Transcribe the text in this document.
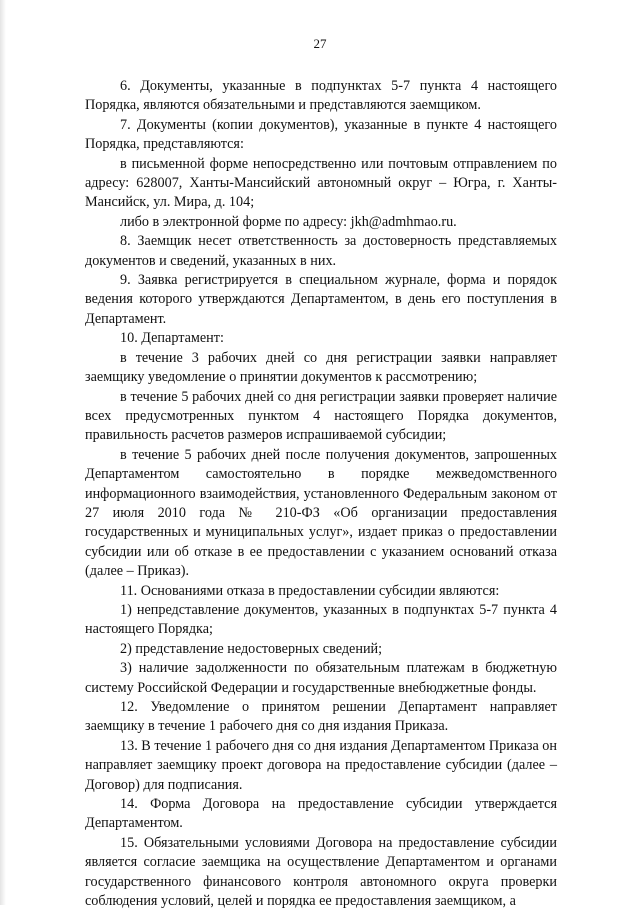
27

6. Документы, указанные в подпунктах 5-7 пункта 4 настоящего Порядка, являются обязательными и представляются заемщиком.

7. Документы (копии документов), указанные в пункте 4 настоящего Порядка, представляются:

в письменной форме непосредственно или почтовым отправлением по адресу: 628007, Ханты-Мансийский автономный округ – Югра, г. Ханты-Мансийск, ул. Мира, д. 104;

либо в электронной форме по адресу: jkh@admhmao.ru.

8. Заемщик несет ответственность за достоверность представляемых документов и сведений, указанных в них.

9. Заявка регистрируется в специальном журнале, форма и порядок ведения которого утверждаются Департаментом, в день его поступления в Департамент.

10. Департамент:

в течение 3 рабочих дней со дня регистрации заявки направляет заемщику уведомление о принятии документов к рассмотрению;

в течение 5 рабочих дней со дня регистрации заявки проверяет наличие всех предусмотренных пунктом 4 настоящего Порядка документов, правильность расчетов размеров испрашиваемой субсидии;

в течение 5 рабочих дней после получения документов, запрошенных Департаментом самостоятельно в порядке межведомственного информационного взаимодействия, установленного Федеральным законом от 27 июля 2010 года № 210-ФЗ «Об организации предоставления государственных и муниципальных услуг», издает приказ о предоставлении субсидии или об отказе в ее предоставлении с указанием оснований отказа (далее – Приказ).

11. Основаниями отказа в предоставлении субсидии являются:

1) непредставление документов, указанных в подпунктах 5-7 пункта 4 настоящего Порядка;

2) представление недостоверных сведений;

3) наличие задолженности по обязательным платежам в бюджетную систему Российской Федерации и государственные внебюджетные фонды.

12. Уведомление о принятом решении Департамент направляет заемщику в течение 1 рабочего дня со дня издания Приказа.

13. В течение 1 рабочего дня со дня издания Департаментом Приказа он направляет заемщику проект договора на предоставление субсидии (далее – Договор) для подписания.

14. Форма Договора на предоставление субсидии утверждается Департаментом.

15. Обязательными условиями Договора на предоставление субсидии является согласие заемщика на осуществление Департаментом и органами государственного финансового контроля автономного округа проверки соблюдения условий, целей и порядка ее предоставления заемщиком, а
